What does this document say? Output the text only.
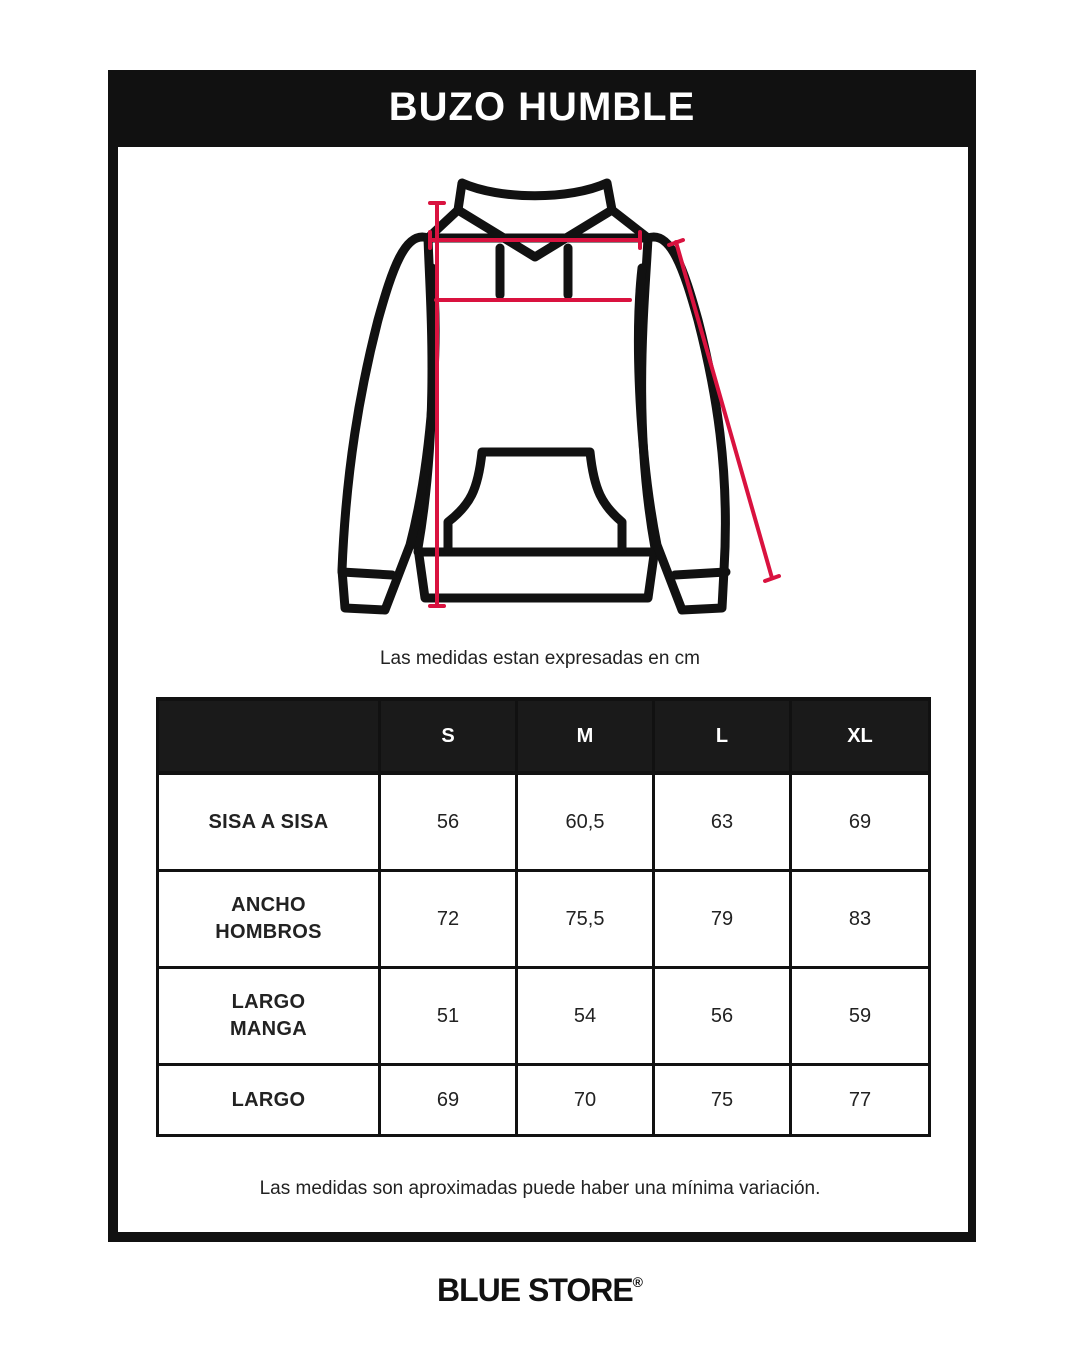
BUZO HUMBLE
Las medidas estan expresadas en cm
	S	M	L	XL
SISA A SISA	56	60,5	63	69
ANCHO
HOMBROS	72	75,5	79	83
LARGO
MANGA	51	54	56	59
LARGO	69	70	75	77
Las medidas son aproximadas puede haber una mínima variación.
BLUE STORE®
